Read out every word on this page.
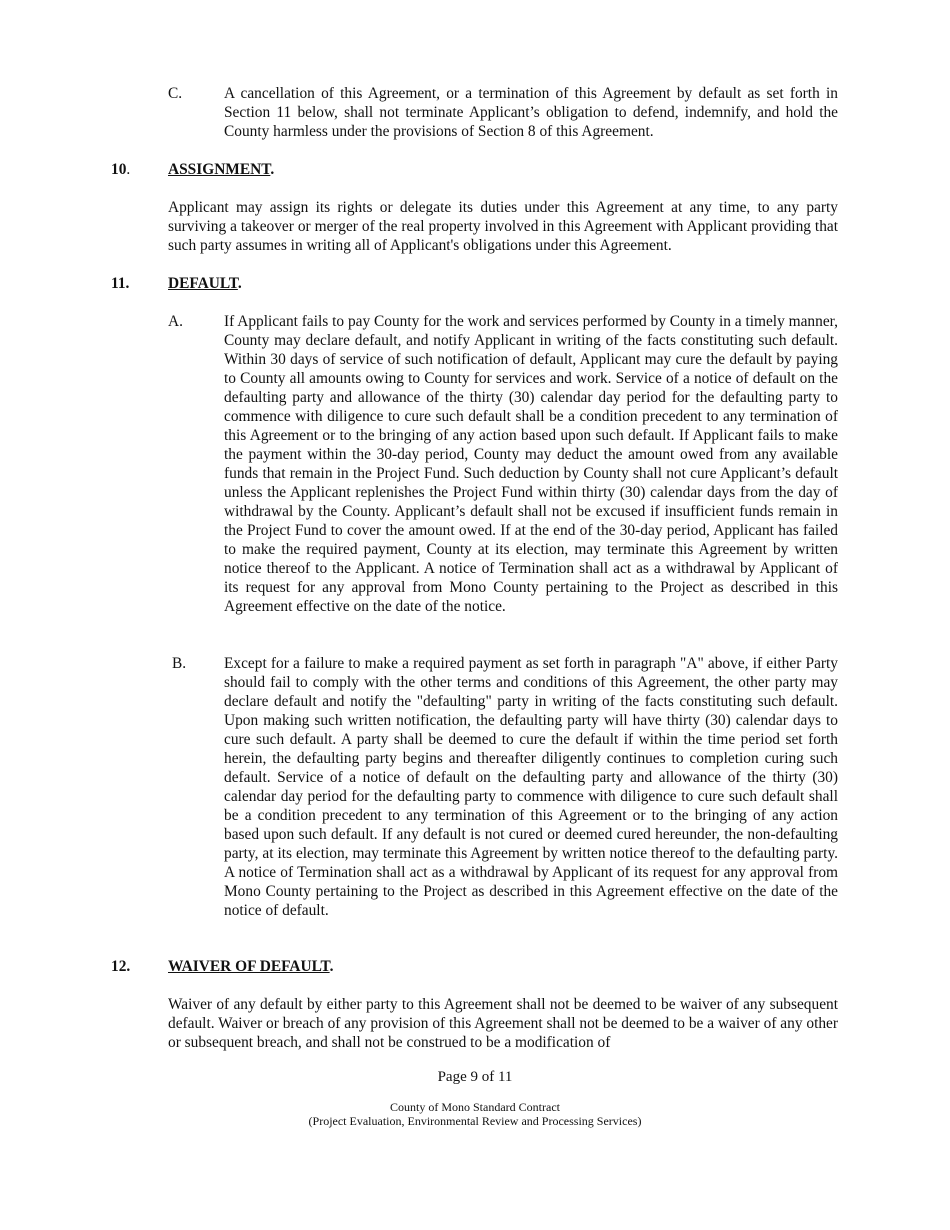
C.	A cancellation of this Agreement, or a termination of this Agreement by default as set forth in Section 11 below, shall not terminate Applicant’s obligation to defend, indemnify, and hold the County harmless under the provisions of Section 8 of this Agreement.
10. ASSIGNMENT.
Applicant may assign its rights or delegate its duties under this Agreement at any time, to any party surviving a takeover or merger of the real property involved in this Agreement with Applicant providing that such party assumes in writing all of Applicant's obligations under this Agreement.
11.	DEFAULT.
A.	If Applicant fails to pay County for the work and services performed by County in a timely manner, County may declare default, and notify Applicant in writing of the facts constituting such default. Within 30 days of service of such notification of default, Applicant may cure the default by paying to County all amounts owing to County for services and work. Service of a notice of default on the defaulting party and allowance of the thirty (30) calendar day period for the defaulting party to commence with diligence to cure such default shall be a condition precedent to any termination of this Agreement or to the bringing of any action based upon such default. If Applicant fails to make the payment within the 30-day period, County may deduct the amount owed from any available funds that remain in the Project Fund. Such deduction by County shall not cure Applicant’s default unless the Applicant replenishes the Project Fund within thirty (30) calendar days from the day of withdrawal by the County. Applicant’s default shall not be excused if insufficient funds remain in the Project Fund to cover the amount owed. If at the end of the 30-day period, Applicant has failed to make the required payment, County at its election, may terminate this Agreement by written notice thereof to the Applicant. A notice of Termination shall act as a withdrawal by Applicant of its request for any approval from Mono County pertaining to the Project as described in this Agreement effective on the date of the notice.
B.	Except for a failure to make a required payment as set forth in paragraph "A" above, if either Party should fail to comply with the other terms and conditions of this Agreement, the other party may declare default and notify the "defaulting" party in writing of the facts constituting such default. Upon making such written notification, the defaulting party will have thirty (30) calendar days to cure such default. A party shall be deemed to cure the default if within the time period set forth herein, the defaulting party begins and thereafter diligently continues to completion curing such default. Service of a notice of default on the defaulting party and allowance of the thirty (30) calendar day period for the defaulting party to commence with diligence to cure such default shall be a condition precedent to any termination of this Agreement or to the bringing of any action based upon such default. If any default is not cured or deemed cured hereunder, the non-defaulting party, at its election, may terminate this Agreement by written notice thereof to the defaulting party. A notice of Termination shall act as a withdrawal by Applicant of its request for any approval from Mono County pertaining to the Project as described in this Agreement effective on the date of the notice of default.
12. WAIVER OF DEFAULT.
Waiver of any default by either party to this Agreement shall not be deemed to be waiver of any subsequent default. Waiver or breach of any provision of this Agreement shall not be deemed to be a waiver of any other or subsequent breach, and shall not be construed to be a modification of
Page 9 of 11
County of Mono Standard Contract
(Project Evaluation, Environmental Review and Processing Services)
